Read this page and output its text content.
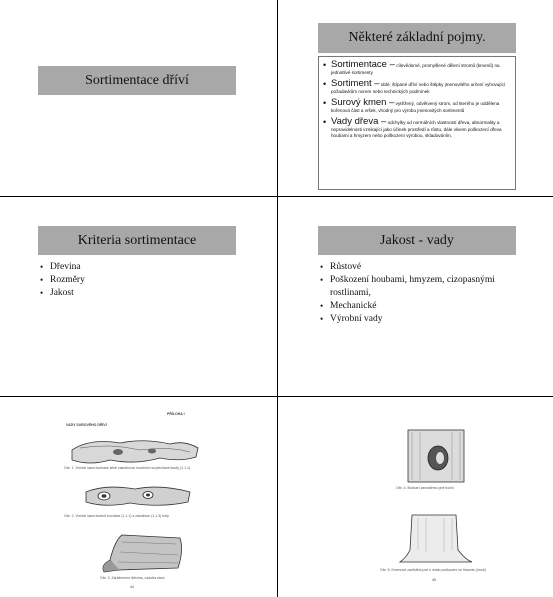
Sortimentace dříví
Některé základní pojmy.
• Sortimentace – cílevědomé, promyšlené dělení stromů (kmenů) na jednotlivé sortimenty
• Sortiment – oblé, štípané dříví nebo štěpky jmenovitého určení vyhovující požadavkům norem nebo technických podmínek
• Surový kmen – vytěžený, odvětvený strom, od kterého je oddělena kořenová část a vršek, vhodný pro výrobu jmenovitých sortimentů
• Vady dřeva – odchylky od normálních vlastností dřeva, abnormality a nepravidelnosti vznikající jako účinek prostředí a růstu, dále vlivem poškození dřeva houbami a hmyzem nebo poškození výrobou, skladováním.
Kriteria sortimentace
• Dřevina
• Rozměry
• Jakost
Jakost - vady
• Růstové
• Poškození houbami, hmyzem, cizopasnými rostlinami,
• Mechanické
• Výrobní vady
PŘÍLOHA I
VADY SUROVÉHO DŘÍVÍ
Obr. 1. Vrcholí sáva bocháse silně zakulboval, kontrolni na plechávé bouty (1.1.1)
Obr. 2. Vrcholí sáva kontrol bocháse (1.1.1) a zakulbom (1.1.3) boty
Obr. 3. Zaráženíme dřevina, ozdoba sáva
44
Obr. 4. Bocharí zarostlému pně boční
Obr. 5. Kmenové zarůstěni pně k místu poškození ve hlavním (boulí)
45
